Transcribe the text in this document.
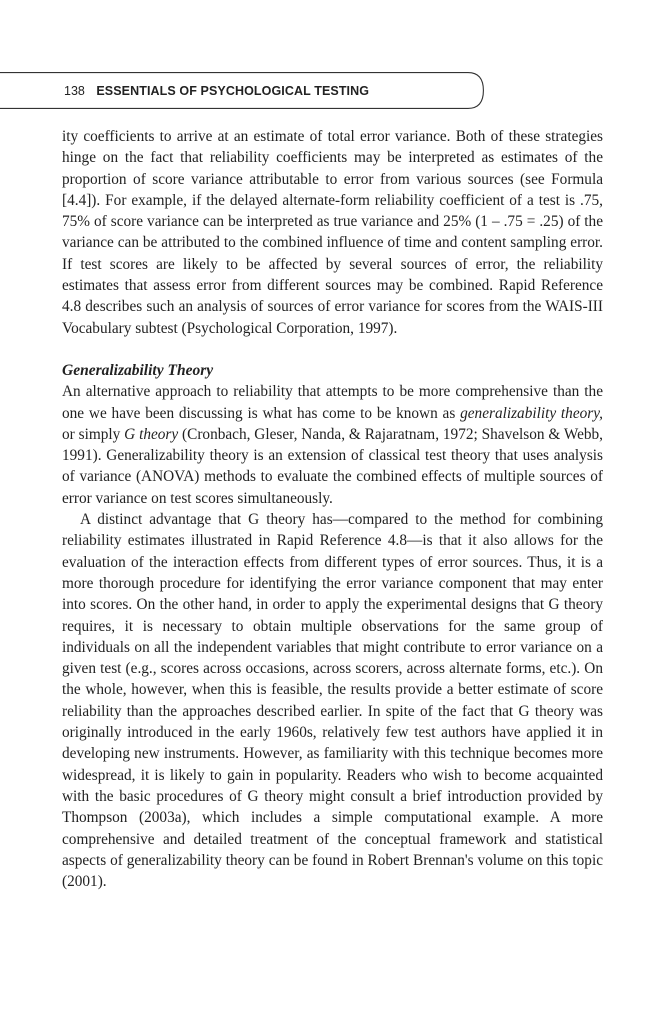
138 ESSENTIALS OF PSYCHOLOGICAL TESTING

ity coefficients to arrive at an estimate of total error variance. Both of these strategies hinge on the fact that reliability coefficients may be interpreted as estimates of the proportion of score variance attributable to error from various sources (see Formula [4.4]). For example, if the delayed alternate-form reliability coefficient of a test is .75, 75% of score variance can be interpreted as true variance and 25% (1 – .75 = .25) of the variance can be attributed to the combined influence of time and content sampling error. If test scores are likely to be affected by several sources of error, the reliability estimates that assess error from different sources may be combined. Rapid Reference 4.8 describes such an analysis of sources of error variance for scores from the WAIS-III Vocabulary subtest (Psychological Corporation, 1997).

Generalizability Theory

An alternative approach to reliability that attempts to be more comprehensive than the one we have been discussing is what has come to be known as generalizability theory, or simply G theory (Cronbach, Gleser, Nanda, & Rajaratnam, 1972; Shavelson & Webb, 1991). Generalizability theory is an extension of classical test theory that uses analysis of variance (ANOVA) methods to evaluate the combined effects of multiple sources of error variance on test scores simultaneously.

A distinct advantage that G theory has—compared to the method for combining reliability estimates illustrated in Rapid Reference 4.8—is that it also allows for the evaluation of the interaction effects from different types of error sources. Thus, it is a more thorough procedure for identifying the error variance component that may enter into scores. On the other hand, in order to apply the experimental designs that G theory requires, it is necessary to obtain multiple observations for the same group of individuals on all the independent variables that might contribute to error variance on a given test (e.g., scores across occasions, across scorers, across alternate forms, etc.). On the whole, however, when this is feasible, the results provide a better estimate of score reliability than the approaches described earlier. In spite of the fact that G theory was originally introduced in the early 1960s, relatively few test authors have applied it in developing new instruments. However, as familiarity with this technique becomes more widespread, it is likely to gain in popularity. Readers who wish to become acquainted with the basic procedures of G theory might consult a brief introduction provided by Thompson (2003a), which includes a simple computational example. A more comprehensive and detailed treatment of the conceptual framework and statistical aspects of generalizability theory can be found in Robert Brennan's volume on this topic (2001).
